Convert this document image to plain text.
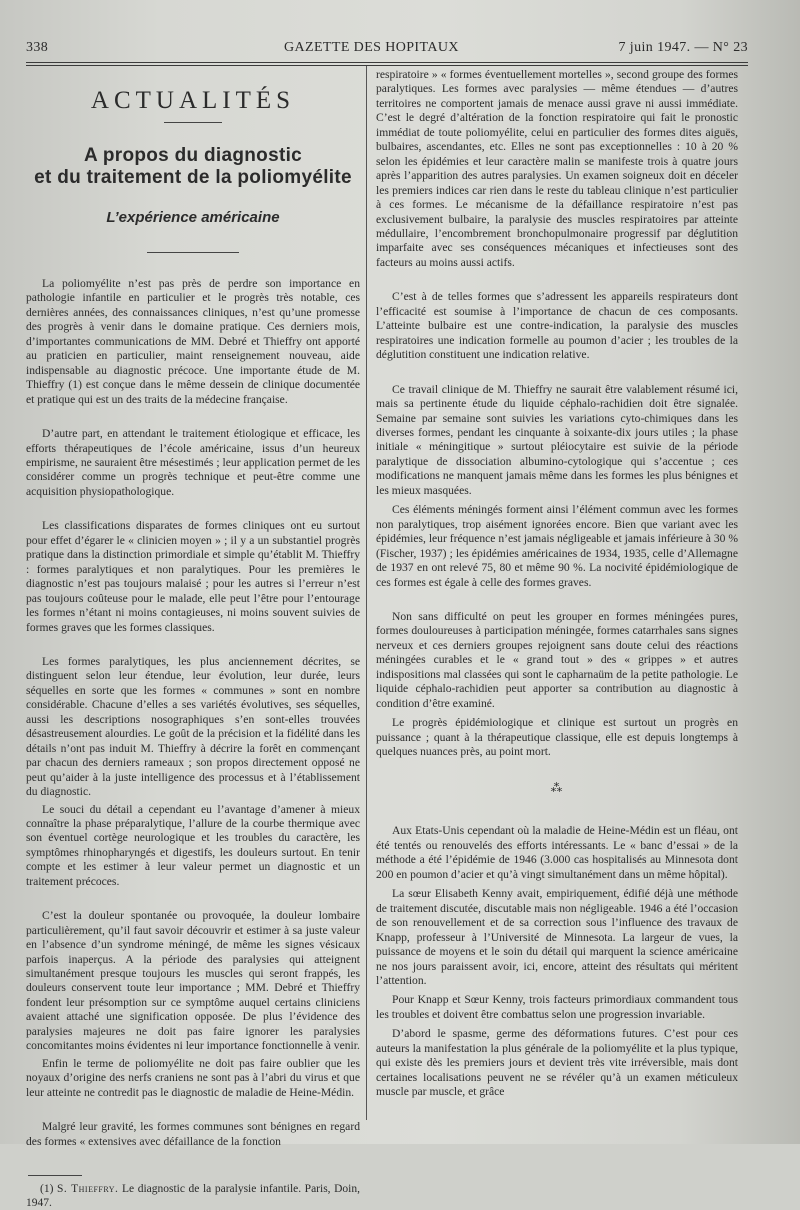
338	GAZETTE DES HOPITAUX	7 juin 1947. — N° 23
ACTUALITÉS
A propos du diagnostic
et du traitement de la poliomyélite
L’expérience américaine

La poliomyélite n’est pas près de perdre son importance en pathologie infantile en particulier et le progrès très notable, ces dernières années, des connaissances cliniques, n’est qu’une promesse des progrès à venir dans le domaine pratique. Ces derniers mois, d’importantes communications de MM. Debré et Thieffry ont apporté au praticien en particulier, maint renseignement nouveau, aide indispensable au diagnostic précoce. Une importante étude de M. Thieffry (1) est conçue dans le même dessein de clinique documentée et pratique qui est un des traits de la médecine française.

D’autre part, en attendant le traitement étiologique et efficace, les efforts thérapeutiques de l’école américaine, issus d’un heureux empirisme, ne sauraient être mésestimés ; leur application permet de les considérer comme un progrès technique et peut-être comme une acquisition physiopathologique.

Les classifications disparates de formes cliniques ont eu surtout pour effet d’égarer le « clinicien moyen » ; il y a un substantiel progrès pratique dans la distinction primordiale et simple qu’établit M. Thieffry : formes paralytiques et non paralytiques. Pour les premières le diagnostic n’est pas toujours malaisé ; pour les autres si l’erreur n’est pas toujours coûteuse pour le malade, elle peut l’être pour l’entourage les formes n’étant ni moins contagieuses, ni moins souvent suivies de formes graves que les formes classiques.

Les formes paralytiques, les plus anciennement décrites, se distinguent selon leur étendue, leur évolution, leur durée, leurs séquelles en sorte que les formes « communes » sont en nombre considérable. Chacune d’elles a ses variétés évolutives, ses séquelles, aussi les descriptions nosographiques s’en sont-elles trouvées désastreusement alourdies. Le goût de la précision et la fidélité dans les détails n’ont pas induit M. Thieffry à décrire la forêt en commençant par chacun des derniers rameaux ; son propos directement opposé ne peut qu’aider à la juste intelligence des processus et à l’établissement du diagnostic.

Le souci du détail a cependant eu l’avantage d’amener à mieux connaître la phase préparalytique, l’allure de la courbe thermique avec son éventuel cortège neurologique et les troubles du caractère, les symptômes rhinopharyngés et digestifs, les douleurs surtout. En tenir compte et les estimer à leur valeur permet un diagnostic et un traitement précoces.

C’est la douleur spontanée ou provoquée, la douleur lombaire particulièrement, qu’il faut savoir découvrir et estimer à sa juste valeur en l’absence d’un syndrome méningé, de même les signes vésicaux parfois inaperçus. A la période des paralysies qui atteignent simultanément presque toujours les muscles qui seront frappés, les douleurs conservent toute leur importance ; MM. Debré et Thieffry fondent leur présomption sur ce symptôme auquel certains cliniciens avaient attaché une signification opposée. De plus l’évidence des paralysies majeures ne doit pas faire ignorer les paralysies concomitantes moins évidentes ni leur importance fonctionnelle à venir.

Enfin le terme de poliomyélite ne doit pas faire oublier que les noyaux d’origine des nerfs craniens ne sont pas à l’abri du virus et que leur atteinte ne contredit pas le diagnostic de maladie de Heine-Médin.

Malgré leur gravité, les formes communes sont bénignes en regard des formes « extensives avec défaillance de la fonction

(1) S. Thieffry. Le diagnostic de la paralysie infantile. Paris, Doin, 1947.

respiratoire » « formes éventuellement mortelles », second groupe des formes paralytiques. Les formes avec paralysies — même étendues — d’autres territoires ne comportent jamais de menace aussi grave ni aussi immédiate. C’est le degré d’altération de la fonction respiratoire qui fait le pronostic immédiat de toute poliomyélite, celui en particulier des formes dites aiguës, bulbaires, ascendantes, etc. Elles ne sont pas exceptionnelles : 10 à 20 % selon les épidémies et leur caractère malin se manifeste trois à quatre jours après l’apparition des autres paralysies. Un examen soigneux doit en déceler les premiers indices car rien dans le reste du tableau clinique n’est particulier à ces formes. Le mécanisme de la défaillance respiratoire n’est pas exclusivement bulbaire, la paralysie des muscles respiratoires par atteinte médullaire, l’encombrement bronchopulmonaire progressif par déglutition imparfaite avec ses conséquences mécaniques et infectieuses sont des facteurs au moins aussi actifs.

C’est à de telles formes que s’adressent les appareils respirateurs dont l’efficacité est soumise à l’importance de chacun de ces composants. L’atteinte bulbaire est une contre-indication, la paralysie des muscles respiratoires une indication formelle au poumon d’acier ; les troubles de la déglutition constituent une indication relative.

Ce travail clinique de M. Thieffry ne saurait être valablement résumé ici, mais sa pertinente étude du liquide céphalo-rachidien doit être signalée. Semaine par semaine sont suivies les variations cyto-chimiques dans les diverses formes, pendant les cinquante à soixante-dix jours utiles ; la phase initiale « méningitique » surtout pléiocytaire est suivie de la période paralytique de dissociation albumino-cytologique qui s’accentue ; ces modifications ne manquent jamais même dans les formes les plus bénignes et les mieux masquées.

Ces éléments méningés forment ainsi l’élément commun avec les formes non paralytiques, trop aisément ignorées encore. Bien que variant avec les épidémies, leur fréquence n’est jamais négligeable et jamais inférieure à 30 % (Fischer, 1937) ; les épidémies américaines de 1934, 1935, celle d’Allemagne de 1937 en ont relevé 75, 80 et même 90 %. La nocivité épidémiologique de ces formes est égale à celle des formes graves.

Non sans difficulté on peut les grouper en formes méningées pures, formes douloureuses à participation méningée, formes catarrhales sans signes nerveux et ces derniers groupes rejoignent sans doute celui des réactions méningées curables et le « grand tout » des « grippes » et autres indispositions mal classées qui sont le capharnaüm de la petite pathologie. Le liquide céphalo-rachidien peut apporter sa contribution au diagnostic à condition d’être examiné.

Le progrès épidémiologique et clinique est surtout un progrès en puissance ; quant à la thérapeutique classique, elle est depuis longtemps à quelques nuances près, au point mort.

⁂

Aux Etats-Unis cependant où la maladie de Heine-Médin est un fléau, ont été tentés ou renouvelés des efforts intéressants. Le « banc d’essai » de la méthode a été l’épidémie de 1946 (3.000 cas hospitalisés au Minnesota dont 200 en poumon d’acier et qu’à vingt simultanément dans un même hôpital).

La sœur Elisabeth Kenny avait, empiriquement, édifié déjà une méthode de traitement discutée, discutable mais non négligeable. 1946 a été l’occasion de son renouvellement et de sa correction sous l’influence des travaux de Knapp, professeur à l’Université de Minnesota. La largeur de vues, la puissance de moyens et le soin du détail qui marquent la science américaine ne nos jours paraissent avoir, ici, encore, atteint des résultats qui méritent l’attention.

Pour Knapp et Sœur Kenny, trois facteurs primordiaux commandent tous les troubles et doivent être combattus selon une progression invariable.

D’abord le spasme, germe des déformations futures. C’est pour ces auteurs la manifestation la plus générale de la poliomyélite et la plus typique, qui existe dès les premiers jours et devient très vite irréversible, mais dont certaines localisations peuvent ne se révéler qu’à un examen méticuleux muscle par muscle, et grâce
